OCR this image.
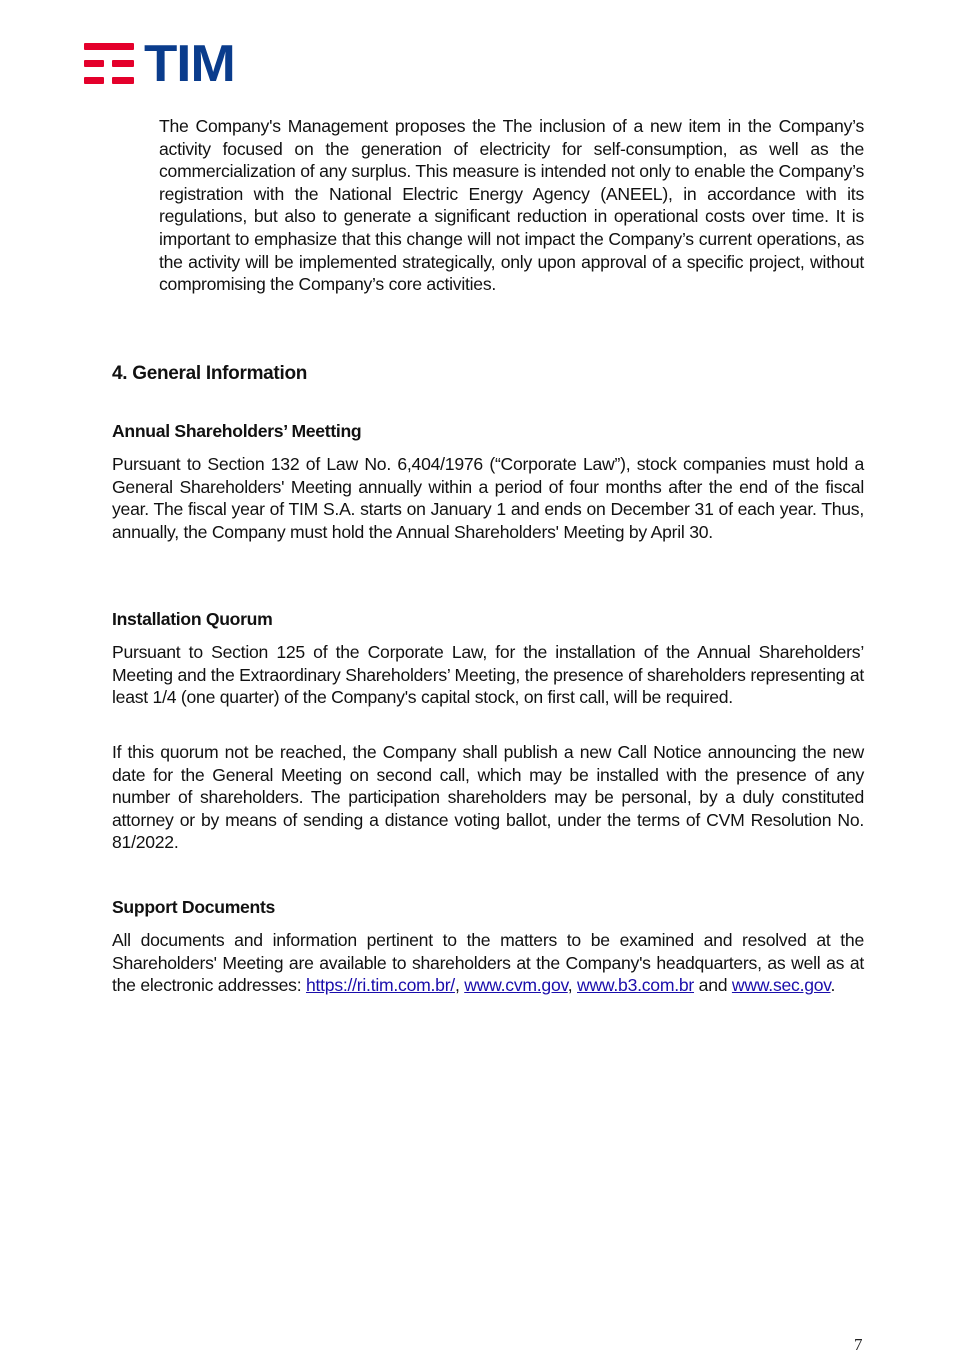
TIM

The Company's Management proposes the The inclusion of a new item in the Company’s activity focused on the generation of electricity for self-consumption, as well as the commercialization of any surplus. This measure is intended not only to enable the Company’s registration with the National Electric Energy Agency (ANEEL), in accordance with its regulations, but also to generate a significant reduction in operational costs over time. It is important to emphasize that this change will not impact the Company’s current operations, as the activity will be implemented strategically, only upon approval of a specific project, without compromising the Company’s core activities.

4. General Information
Annual Shareholders’ Meetting

Pursuant to Section 132 of Law No. 6,404/1976 (“Corporate Law”), stock companies must hold a General Shareholders' Meeting annually within a period of four months after the end of the fiscal year. The fiscal year of TIM S.A. starts on January 1 and ends on December 31 of each year. Thus, annually, the Company must hold the Annual Shareholders' Meeting by April 30.

Installation Quorum

Pursuant to Section 125 of the Corporate Law, for the installation of the Annual Shareholders’ Meeting and the Extraordinary Shareholders’ Meeting, the presence of shareholders representing at least 1/4 (one quarter) of the Company's capital stock, on first call, will be required.

If this quorum not be reached, the Company shall publish a new Call Notice announcing the new date for the General Meeting on second call, which may be installed with the presence of any number of shareholders. The participation shareholders may be personal, by a duly constituted attorney or by means of sending a distance voting ballot, under the terms of CVM Resolution No. 81/2022.

Support Documents

All documents and information pertinent to the matters to be examined and resolved at the Shareholders' Meeting are available to shareholders at the Company's headquarters, as well as at the electronic addresses: https://ri.tim.com.br/, www.cvm.gov, www.b3.com.br and www.sec.gov.

7
